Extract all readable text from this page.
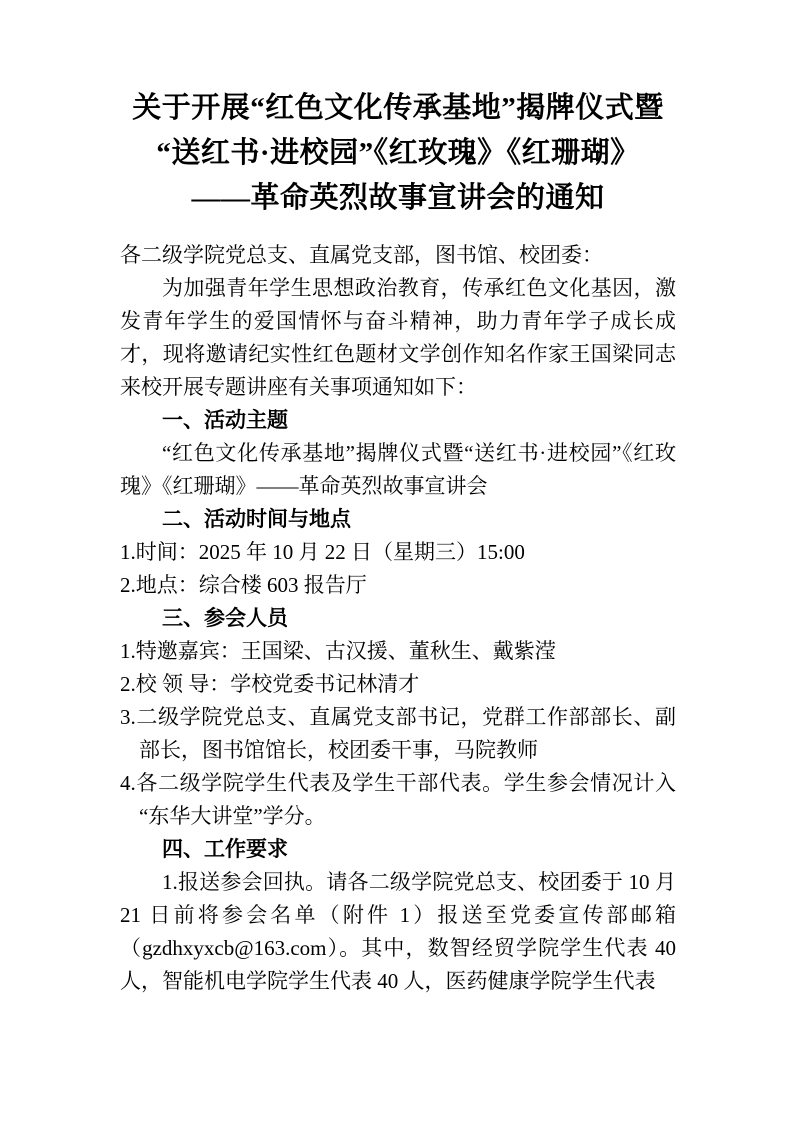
关于开展“红色文化传承基地”揭牌仪式暨
“送红书·进校园”《红玫瑰》《红珊瑚》
——革命英烈故事宣讲会的通知

各二级学院党总支、直属党支部，图书馆、校团委：

为加强青年学生思想政治教育，传承红色文化基因，激发青年学生的爱国情怀与奋斗精神，助力青年学子成长成才，现将邀请纪实性红色题材文学创作知名作家王国梁同志来校开展专题讲座有关事项通知如下：

一、活动主题

“红色文化传承基地”揭牌仪式暨“送红书·进校园”《红玫瑰》《红珊瑚》——革命英烈故事宣讲会

二、活动时间与地点

1.时间：2025 年 10 月 22 日（星期三）15:00

2.地点：综合楼 603 报告厅

三、参会人员

1.特邀嘉宾：王国梁、古汉援、董秋生、戴紫滢

2.校 领 导：学校党委书记林清才

3.二级学院党总支、直属党支部书记，党群工作部部长、副部长，图书馆馆长，校团委干事，马院教师

4.各二级学院学生代表及学生干部代表。学生参会情况计入“东华大讲堂”学分。

四、工作要求

1.报送参会回执。请各二级学院党总支、校团委于 10 月 21 日前将参会名单（附件 1）报送至党委宣传部邮箱（gzdhxyxcb@163.com）。其中，数智经贸学院学生代表 40 人，智能机电学院学生代表 40 人，医药健康学院学生代表
